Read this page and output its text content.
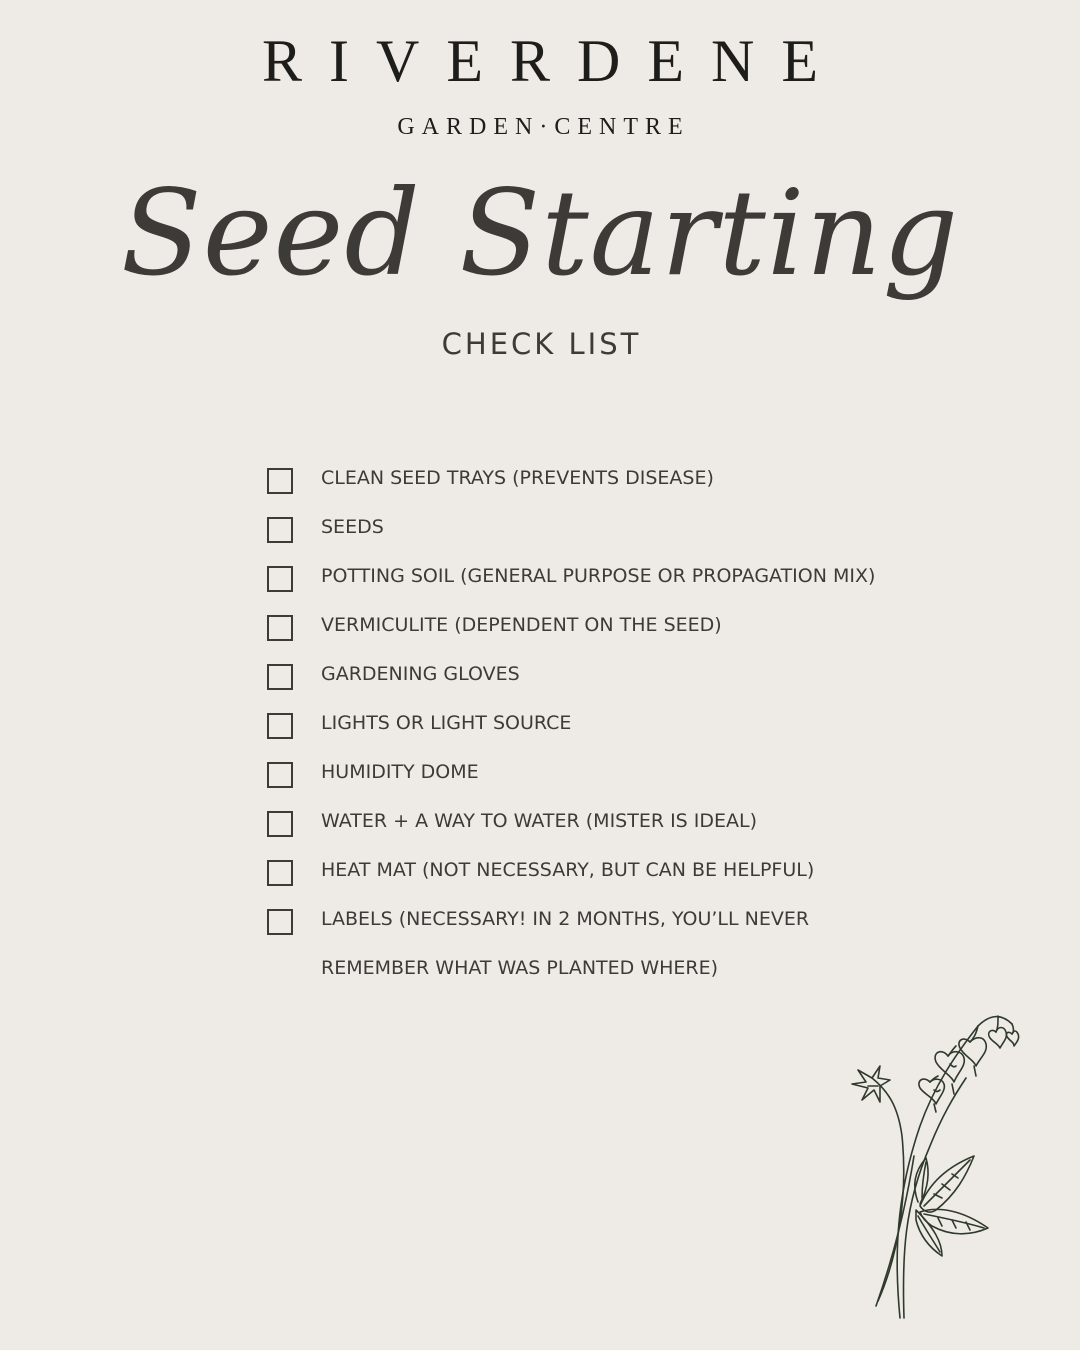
RIVERDENE
GARDEN·CENTRE
Seed Starting
CHECK LIST
CLEAN SEED TRAYS (PREVENTS DISEASE)
SEEDS
POTTING SOIL (GENERAL PURPOSE OR PROPAGATION MIX)
VERMICULITE (DEPENDENT ON THE SEED)
GARDENING GLOVES
LIGHTS OR LIGHT SOURCE
HUMIDITY DOME
WATER + A WAY TO WATER (MISTER IS IDEAL)
HEAT MAT (NOT NECESSARY, BUT CAN BE HELPFUL)
LABELS (NECESSARY! IN 2 MONTHS, YOU’LL NEVER REMEMBER WHAT WAS PLANTED WHERE)
